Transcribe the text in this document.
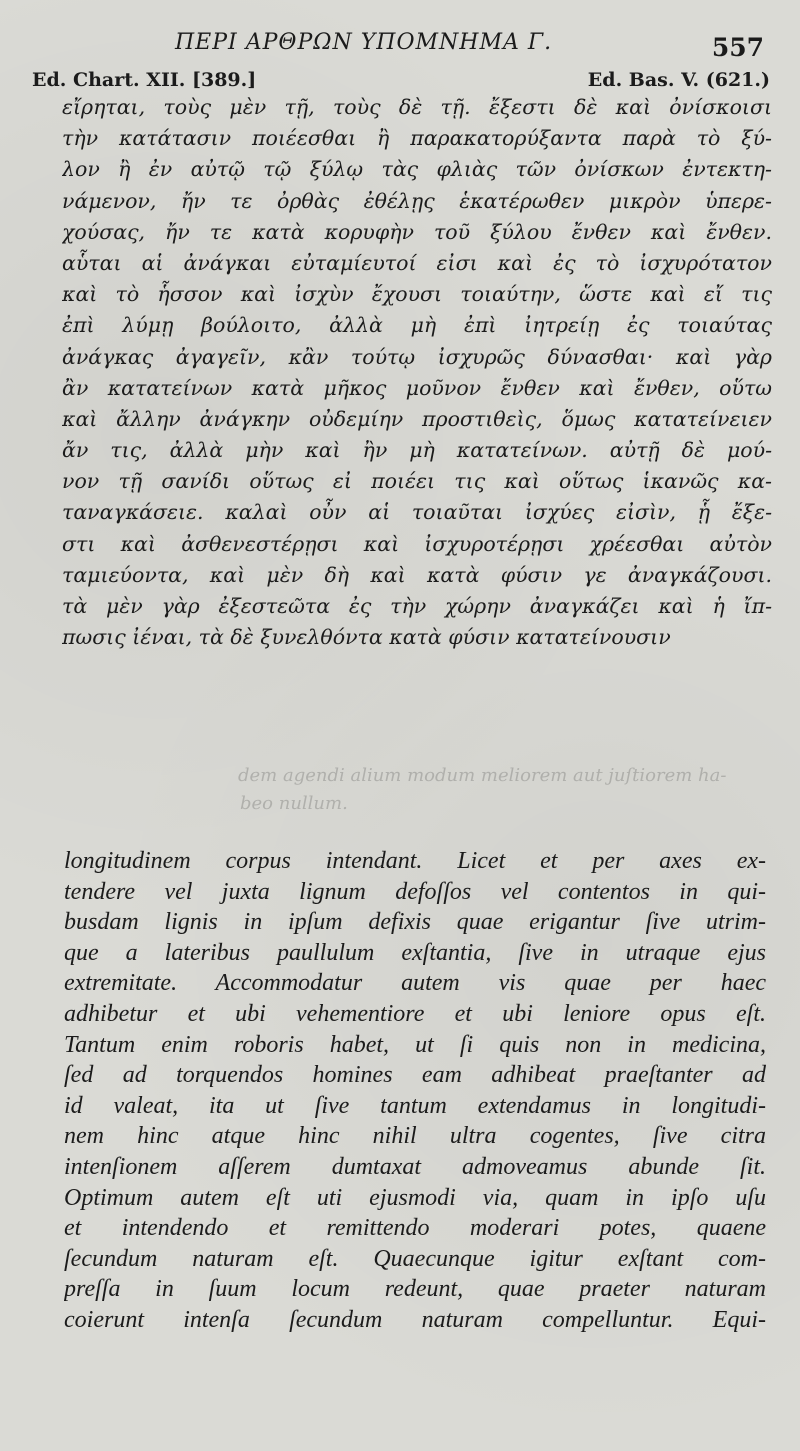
ΠΕΡΙ ΑΡΘΡΩΝ ΥΠΟΜΝΗΜΑ Γ.	557
Ed. Chart. XII. [389.]	Ed. Bas. V. (621.)
εἴρηται, τοὺς μὲν τῇ, τοὺς δὲ τῇ. ἔξεστι δὲ καὶ ὀνίσκοισι
τὴν κατάτασιν ποιέεσθαι ἢ παρακατορύξαντα παρὰ τὸ ξύ-
λον ἢ ἐν αὐτῷ τῷ ξύλῳ τὰς φλιὰς τῶν ὀνίσκων ἐντεκτη-
νάμενον, ἤν τε ὀρθὰς ἐθέλῃς ἑκατέρωθεν μικρὸν ὑπερε-
χούσας, ἤν τε κατὰ κορυφὴν τοῦ ξύλου ἔνθεν καὶ ἔνθεν.
αὗται αἱ ἀνάγκαι εὐταμίευτοί εἰσι καὶ ἐς τὸ ἰσχυρότατον
καὶ τὸ ἧσσον καὶ ἰσχὺν ἔχουσι τοιαύτην, ὥστε καὶ εἴ τις
ἐπὶ λύμῃ βούλοιτο, ἀλλὰ μὴ ἐπὶ ἰητρείῃ ἐς τοιαύτας
ἀνάγκας ἀγαγεῖν, κἂν τούτῳ ἰσχυρῶς δύνασθαι· καὶ γὰρ
ἂν κατατείνων κατὰ μῆκος μοῦνον ἔνθεν καὶ ἔνθεν, οὕτω
καὶ ἄλλην ἀνάγκην οὐδεμίην προστιθεὶς, ὅμως κατατείνειεν
ἄν τις, ἀλλὰ μὴν καὶ ἢν μὴ κατατείνων. αὐτῇ δὲ μού-
νον τῇ σανίδι οὕτως εἰ ποιέει τις καὶ οὕτως ἱκανῶς κα-
ταναγκάσειε. καλαὶ οὖν αἱ τοιαῦται ἰσχύες εἰσὶν, ᾗ ἔξε-
στι καὶ ἀσθενεστέρῃσι καὶ ἰσχυροτέρῃσι χρέεσθαι αὐτὸν
ταμιεύοντα, καὶ μὲν δὴ καὶ κατὰ φύσιν γε ἀναγκάζουσι.
τὰ μὲν γὰρ ἐξεστεῶτα ἐς τὴν χώρην ἀναγκάζει καὶ ἡ ἴπ-
πωσις ἰέναι, τὰ δὲ ξυνελθόντα κατὰ φύσιν κατατείνουσιν
dem agendi alium modum meliorem aut juſtiorem ha-
beo nullum.
longitudinem corpus intendant. Licet et per axes ex-
tendere vel juxta lignum defoſſos vel contentos in qui-
busdam lignis in ipſum defixis quae erigantur ſive utrim-
que a lateribus paullulum exſtantia, ſive in utraque ejus
extremitate. Accommodatur autem vis quae per haec
adhibetur et ubi vehementiore et ubi leniore opus eſt.
Tantum enim roboris habet, ut ſi quis non in medicina,
ſed ad torquendos homines eam adhibeat praeſtanter ad
id valeat, ita ut ſive tantum extendamus in longitudi-
nem hinc atque hinc nihil ultra cogentes, ſive citra
intenſionem aſſerem dumtaxat admoveamus abunde ſit.
Optimum autem eſt uti ejusmodi via, quam in ipſo uſu
et intendendo et remittendo moderari potes, quaene
ſecundum naturam eſt. Quaecunque igitur exſtant com-
preſſa in ſuum locum redeunt, quae praeter naturam
coierunt intenſa ſecundum naturam compelluntur. Equi-
